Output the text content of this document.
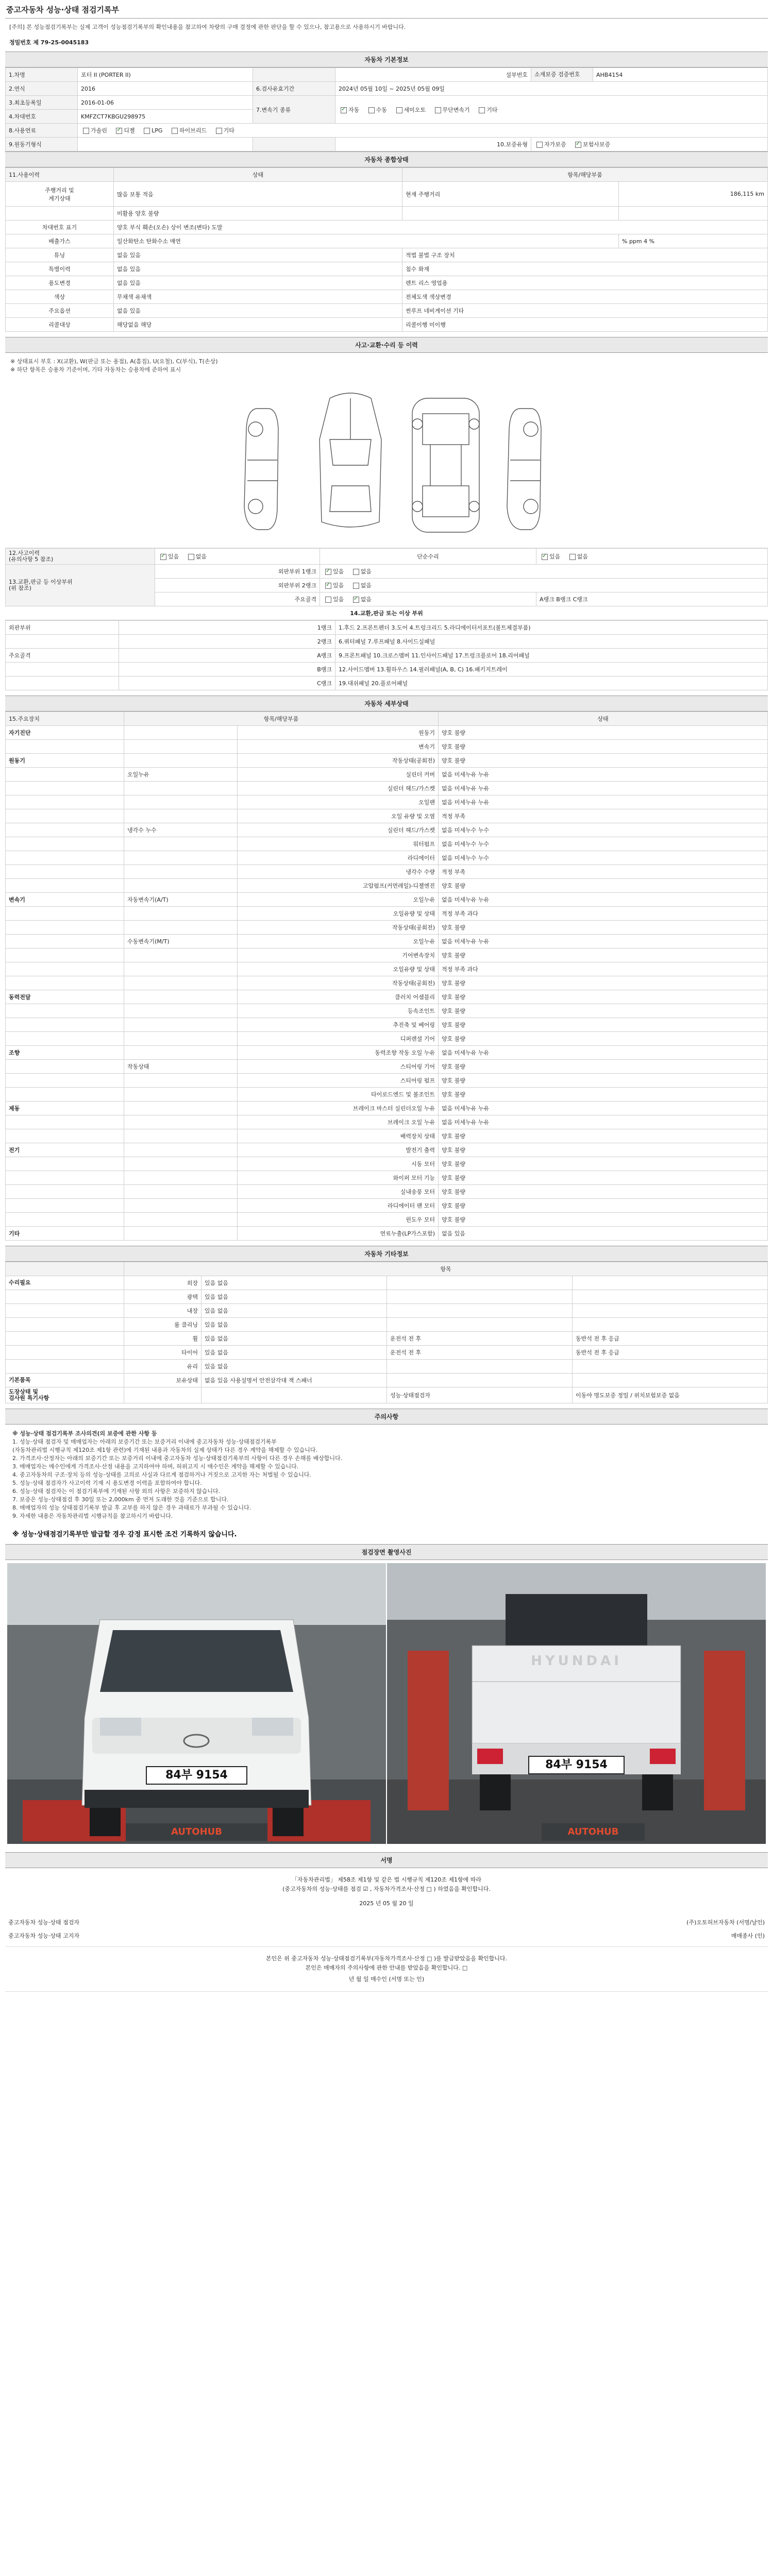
중고자동차 성능·상태 점검기록부
[주의] 본 성능점검기록부는 실제 고객이 성능점검기록부의 확인내용을 참고하여 차량의 구매 결정에 관한 판단을 할 수 있으나, 참고용으로 사용하시기 바랍니다.
정밀번호 제 79-25-0045183
자동차 기본정보
1.차명	포터 II (PORTER II)		설부번호	소재보증 검증번호	AHB4154
2.연식	2016	6.검사유효기간	2024년 05월 10일 ~ 2025년 05월 09일		
3.최초등록일	2016-01-06	7.변속기 종류	✓자동 수동 세미오토 무단변속기 기타
4.차대번호	KMFZCT7KBGU298975				
8.사용연료	가솔린 ✓ 디젤 LPG 하이브리드 기타
9.원동기형식			10.보증유형	자가보증 ✓ 보험사보증
자동차 종합상태
11.사용이력	상태	항목/해당부품	
주행거리 및
계기상태	많음 보통 적음	현재 주행거리	186,115 km
	미활용 양호 불량		
차대번호 표기	양호 부식 훼손(오손) 상이 변조(변타) 도말		
배출가스	일산화탄소 탄화수소 매연		% ppm 4 %
튜닝	없음 있음	적법 불법 구조 장치	
특별이력	없음 있음	침수 화재	
용도변경	없음 있음	렌트 리스 영업용	
색상	무채색 유채색	전체도색 색상변경	
주요옵션	없음 있음	썬루프 네비게이션 기타	
리콜대상	해당없음 해당	리콜이행 미이행	
사고·교환·수리 등 이력
※ 상태표시 부호 : X(교환), W(판금 또는 용접), A(흠집), U(요철), C(부식), T(손상)
※ 하단 항목은 승용차 기준이며, 기타 자동차는 승용차에 준하여 표시
12.사고이력
(유의사항 5 참조)	✓있음 없음	단순수리	✓있음 없음
13.교환,판금 등 이상부위
(위 참조)	외판부위 1랭크	✓있음 없음
	외판부위 2랭크	✓있음 없음
	주요골격	있음 ✓ 없음	A랭크 B랭크 C랭크
14.교환,판금 또는 이상 부위
외판부위	1랭크	1.후드 2.프론트펜더 3.도어 4.트렁크리드 5.라디에이터서포트(볼트체결부품)
	2랭크	6.쿼터패널 7.루프패널 8.사이드실패널
주요골격	A랭크	9.프론트패널 10.크로스멤버 11.인사이드패널 17.트렁크플로어 18.리어패널
	B랭크	12.사이드멤버 13.휠하우스 14.필러패널(A, B, C) 16.패키지트레이
	C랭크	19.대쉬패널 20.플로어패널
자동차 세부상태
15.주요장치	항목/해당부품		상태
자기진단		원동기	양호 불량
		변속기	양호 불량
원동기		작동상태(공회전)	양호 불량
	오일누유	실린더 커버	없음 미세누유 누유
		실린더 헤드/가스켓	없음 미세누유 누유
		오일팬	없음 미세누유 누유
		오일 유량 및 오염	적정 부족
	냉각수 누수	실린더 헤드/가스켓	없음 미세누수 누수
		워터펌프	없음 미세누수 누수
		라디에이터	없음 미세누수 누수
		냉각수 수량	적정 부족
		고압펌프(커먼레일)-디젤엔진	양호 불량
변속기	자동변속기(A/T)	오일누유	없음 미세누유 누유
		오일유량 및 상태	적정 부족 과다
		작동상태(공회전)	양호 불량
	수동변속기(M/T)	오일누유	없음 미세누유 누유
		기어변속장치	양호 불량
		오일유량 및 상태	적정 부족 과다
		작동상태(공회전)	양호 불량
동력전달		클러치 어셈블리	양호 불량
		등속조인트	양호 불량
		추진축 및 베어링	양호 불량
		디퍼렌셜 기어	양호 불량
조향		동력조향 작동 오일 누유	없음 미세누유 누유
	작동상태	스티어링 기어	양호 불량
		스티어링 펌프	양호 불량
		타이로드엔드 및 볼조인트	양호 불량
제동		브레이크 마스터 실린더오일 누유	없음 미세누유 누유
		브레이크 오일 누유	없음 미세누유 누유
		배력장치 상태	양호 불량
전기		발전기 출력	양호 불량
		시동 모터	양호 불량
		와이퍼 모터 기능	양호 불량
		실내송풍 모터	양호 불량
		라디에이터 팬 모터	양호 불량
		윈도우 모터	양호 불량
기타		연료누출(LP가스포함)	없음 있음
자동차 기타정보
	항목			
수리필요	외장	있음 없음		
	광택	있음 없음		
	내장	있음 없음		
	룸 클리닝	있음 없음		
	휠	있음 없음	운전석 전 후	동반석 전 후 응급
	타이어	있음 없음	운전석 전 후	동반석 전 후 응급
	유리	있음 없음		
기본품목	보유상태	없음 있음 사용설명서 안전삼각대 잭 스패너		
도장상태 및
검사원 특기사항			성능·상태점검자	이동야 명도보증 정밀 / 위치보험보증 없음
주의사항
※ 성능·상태 점검기록부 조사의견(의 보증에 관한 사항 등
1. 성능·상태 점검자 및 매매업자는 아래의 보증기간 또는 보증거리 이내에 중고자동차 성능·상태점검기록부
(자동차관리법 시행규칙 제120조 제1항 관련)에 기재된 내용과 자동차의 실제 상태가 다른 경우 계약을 해제할 수 있습니다.
2. 가격조사·산정자는 아래의 보증기간 또는 보증거리 이내에 중고자동차 성능·상태점검기록부의 사항이 다른 경우 손해를 배상합니다.
3. 매매업자는 매수인에게 가격조사·산정 내용을 고지하여야 하며, 허위고지 시 매수인은 계약을 해제할 수 있습니다.
4. 중고자동차의 구조·장치 등의 성능·상태를 고의로 사실과 다르게 점검하거나 거짓으로 고지한 자는 처벌될 수 있습니다.
5. 성능·상태 점검자가 사고이력 기재 시 용도변경 이력을 포함하여야 합니다.
6. 성능·상태 점검자는 이 점검기록부에 기재된 사항 외의 사항은 보증하지 않습니다.
7. 보증은 성능·상태점검 후 30일 또는 2,000km 중 먼저 도래한 것을 기준으로 합니다.
8. 매매업자의 성능 상태점검기록부 발급 후 교부를 하지 않은 경우 과태료가 부과될 수 있습니다.
9. 자세한 내용은 자동차관리법 시행규칙을 참고하시기 바랍니다.
※ 성능·상태점검기록부만 발급할 경우 감정 표시한 조건 기록하지 않습니다.
점검장면 촬영사진
84부 9154
AUTOHUB
HYUNDAI
84부 9154
AUTOHUB
서명
「자동차관리법」 제58조 제1항 및 같은 법 시행규칙 제120조 제1항에 따라
(중고자동차의 성능·상태를 점검 ☑ , 자동차가격조사·산정 □ ) 하였음을 확인합니다.
2025 년 05 월 20 일
중고자동차 성능·상태 점검자	(주)오토허브자동차 (서명/날인)
중고자동차 성능·상태 고지자	매매종사 (인)
본인은 위 중고자동차 성능·상태점검기록부(자동차가격조사·산정 □ )를 발급받았음을 확인합니다.
본인은 매매자의 주의사항에 관한 안내를 받았음을 확인합니다. □
년 월 일 매수인 (서명 또는 인)
